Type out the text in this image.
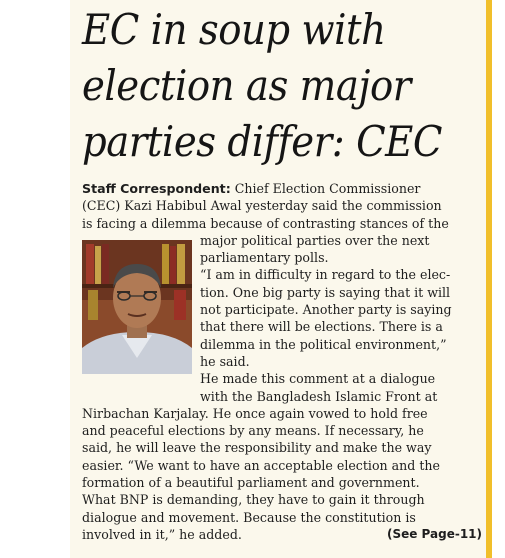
EC in soup with
election as major
parties differ: CEC
Staff Correspondent: Chief Election Commissioner
(CEC) Kazi Habibul Awal yesterday said the commission
is facing a dilemma because of contrasting stances of the
major political parties over the next
parliamentary polls.
“I am in difficulty in regard to the elec-
tion. One big party is saying that it will
not participate. Another party is saying
that there will be elections. There is a
dilemma in the political environment,”
he said.
He made this comment at a dialogue
with the Bangladesh Islamic Front at
Nirbachan Karjalay. He once again vowed to hold free
and peaceful elections by any means. If necessary, he
said, he will leave the responsibility and make the way
easier. “We want to have an acceptable election and the
formation of a beautiful parliament and government.
What BNP is demanding, they have to gain it through
dialogue and movement. Because the constitution is
involved in it,” he added.	(See Page-11)
